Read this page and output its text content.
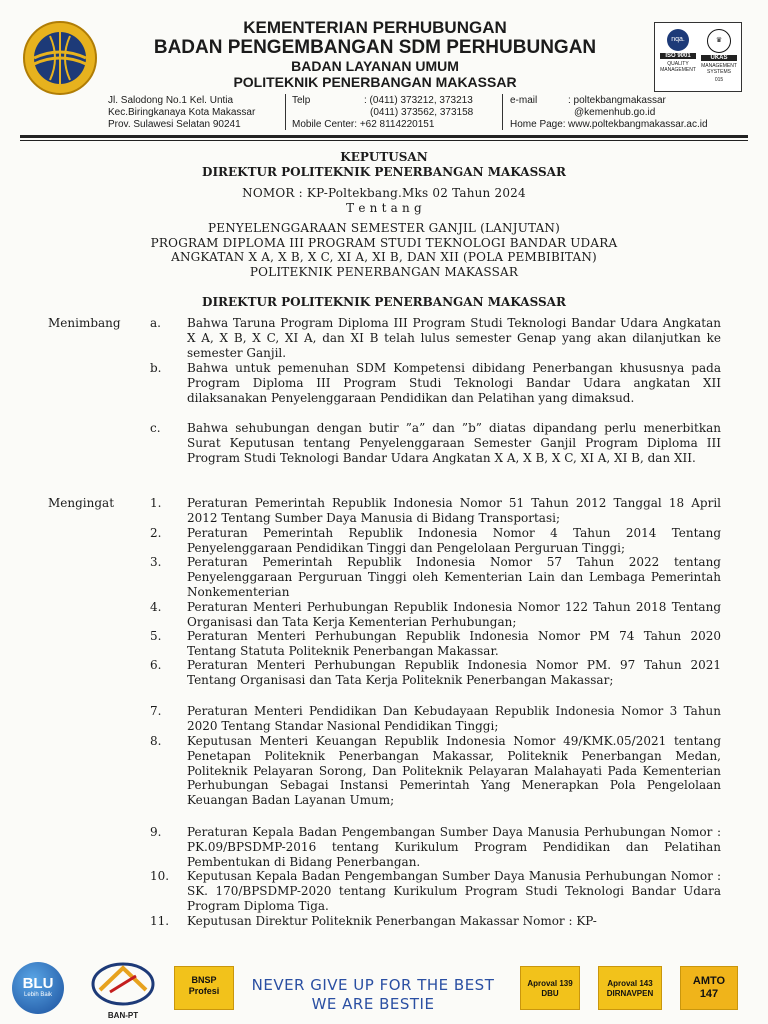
KEMENTERIAN PERHUBUNGAN
BADAN PENGEMBANGAN SDM PERHUBUNGAN
BADAN LAYANAN UMUM
POLITEKNIK PENERBANGAN MAKASSAR
nqa.
ISO 9001
QUALITY MANAGEMENT
♛
UKAS
MANAGEMENT SYSTEMS
015
Jl. Salodong No.1 Kel. Untia
Kec.Biringkanaya Kota Makassar
Prov. Sulawesi Selatan 90241
Telp

Mobile Center: +62 8114220151
: (0411) 373212, 373213
(0411) 373562, 373158
e-mail

Home Page:
: poltekbangmakassar
@kemenhub.go.id
www.poltekbangmakassar.ac.id
KEPUTUSAN
DIREKTUR POLITEKNIK PENERBANGAN MAKASSAR
NOMOR : KP-Poltekbang.Mks 02 Tahun 2024
T e n t a n g
PENYELENGGARAAN SEMESTER GANJIL (LANJUTAN)
PROGRAM DIPLOMA III PROGRAM STUDI TEKNOLOGI BANDAR UDARA
ANGKATAN X A, X B, X C, XI A, XI B, DAN XII (POLA PEMBIBITAN)
POLITEKNIK PENERBANGAN MAKASSAR
DIREKTUR POLITEKNIK PENERBANGAN MAKASSAR
Menimbang a. Bahwa Taruna Program Diploma III Program Studi Teknologi Bandar Udara Angkatan X A, X B, X C, XI A, dan XI B telah lulus semester Genap yang akan dilanjutkan ke semester Ganjil.

b. Bahwa untuk pemenuhan SDM Kompetensi dibidang Penerbangan khususnya pada Program Diploma III Program Studi Teknologi Bandar Udara angkatan XII dilaksanakan Penyelenggaraan Pendidikan dan Pelatihan yang dimaksud.

c. Bahwa sehubungan dengan butir ”a” dan ”b” diatas dipandang perlu menerbitkan Surat Keputusan tentang Penyelenggaraan Semester Ganjil Program Diploma III Program Studi Teknologi Bandar Udara Angkatan X A, X B, X C, XI A, XI B, dan XII.

Mengingat	1. Peraturan Pemerintah Republik Indonesia Nomor 51 Tahun 2012 Tanggal 18 April 2012 Tentang Sumber Daya Manusia di Bidang Transportasi;

2. Peraturan Pemerintah Republik Indonesia Nomor 4 Tahun 2014 Tentang Penyelenggaraan Pendidikan Tinggi dan Pengelolaan Perguruan Tinggi;

3. Peraturan Pemerintah Republik Indonesia Nomor 57 Tahun 2022 tentang Penyelenggaraan Perguruan Tinggi oleh Kementerian Lain dan Lembaga Pemerintah Nonkementerian

4. Peraturan Menteri Perhubungan Republik Indonesia Nomor 122 Tahun 2018 Tentang Organisasi dan Tata Kerja Kementerian Perhubungan;

5. Peraturan Menteri Perhubungan Republik Indonesia Nomor PM 74 Tahun 2020 Tentang Statuta Politeknik Penerbangan Makassar.

6. Peraturan Menteri Perhubungan Republik Indonesia Nomor PM. 97 Tahun 2021 Tentang Organisasi dan Tata Kerja Politeknik Penerbangan Makassar;

7. Peraturan Menteri Pendidikan Dan Kebudayaan Republik Indonesia Nomor 3 Tahun 2020 Tentang Standar Nasional Pendidikan Tinggi;

8. Keputusan Menteri Keuangan Republik Indonesia Nomor 49/KMK.05/2021 tentang Penetapan Politeknik Penerbangan Makassar, Politeknik Penerbangan Medan, Politeknik Pelayaran Sorong, Dan Politeknik Pelayaran Malahayati Pada Kementerian Perhubungan Sebagai Instansi Pemerintah Yang Menerapkan Pola Pengelolaan Keuangan Badan Layanan Umum;

9. Peraturan Kepala Badan Pengembangan Sumber Daya Manusia Perhubungan Nomor : PK.09/BPSDMP-2016 tentang Kurikulum Program Pendidikan dan Pelatihan Pembentukan di Bidang Penerbangan.

10. Keputusan Kepala Badan Pengembangan Sumber Daya Manusia Perhubungan Nomor : SK. 170/BPSDMP-2020 tentang Kurikulum Program Studi Teknologi Bandar Udara Program Diploma Tiga.

11. Keputusan Direktur Politeknik Penerbangan Makassar Nomor : KP-

BLU
Lebih Baik
BAN-PT
BNSP
Profesi	NEVER GIVE UP FOR THE BEST
WE ARE BESTIE
Aproval 139
DBU
Aproval 143
DIRNAVPEN
AMTO
147
